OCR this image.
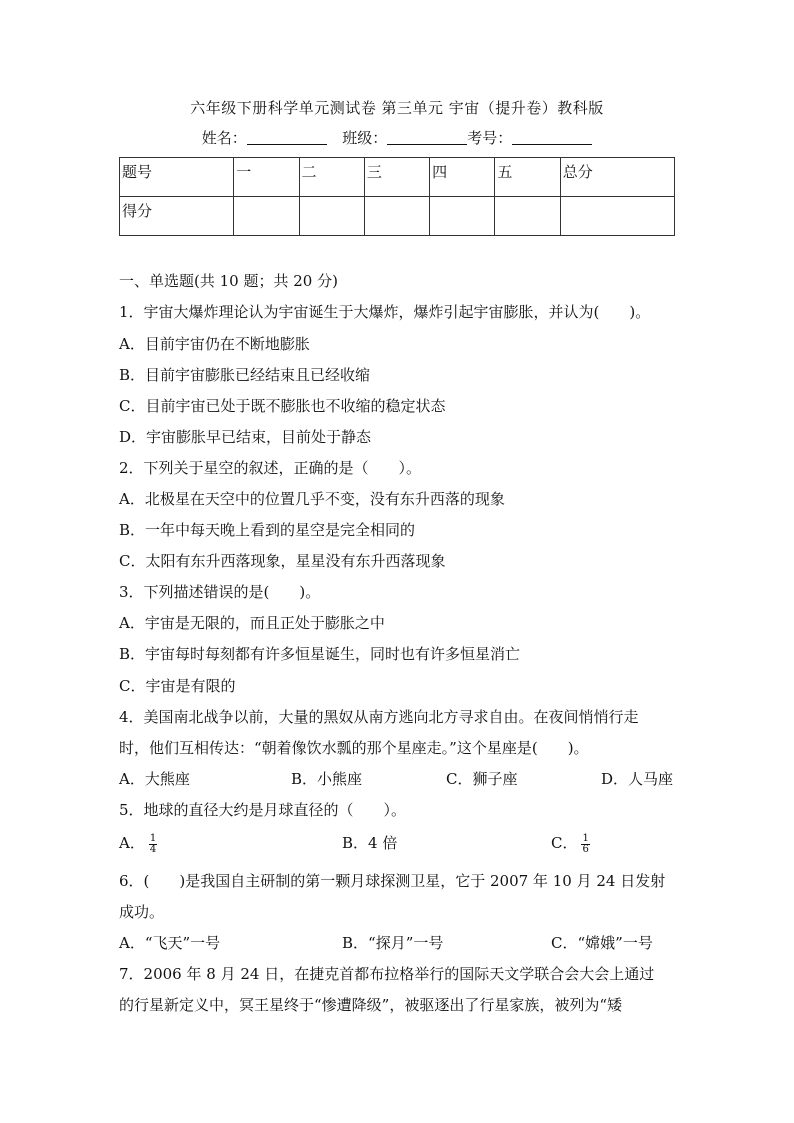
六年级下册科学单元测试卷 第三单元 宇宙（提升卷）教科版
姓名：	班级：	考号：
题号	一	二	三	四	五	总分
得分						
一、单选题(共 10 题；共 20 分)
1．宇宙大爆炸理论认为宇宙诞生于大爆炸，爆炸引起宇宙膨胀，并认为(　　)。
A．目前宇宙仍在不断地膨胀
B．目前宇宙膨胀已经结束且已经收缩
C．目前宇宙已处于既不膨胀也不收缩的稳定状态
D．宇宙膨胀早已结束，目前处于静态
2．下列关于星空的叙述，正确的是（　　）。
A．北极星在天空中的位置几乎不变，没有东升西落的现象
B．一年中每天晚上看到的星空是完全相同的
C．太阳有东升西落现象，星星没有东升西落现象
3．下列描述错误的是(　　)。
A．宇宙是无限的，而且正处于膨胀之中
B．宇宙每时每刻都有许多恒星诞生，同时也有许多恒星消亡
C．宇宙是有限的
4．美国南北战争以前，大量的黑奴从南方逃向北方寻求自由。在夜间悄悄行走
时，他们互相传达：“朝着像饮水瓢的那个星座走。”这个星座是(　　)。
A．大熊座	B．小熊座	C．狮子座	D．人马座
5．地球的直径大约是月球直径的（　　）。
A． $\frac{1}{4}$	B．4 倍	C． $\frac{1}{6}$
6．(　　)是我国自主研制的第一颗月球探测卫星，它于 2007 年 10 月 24 日发射
成功。
A．“飞天”一号	B．“探月”一号	C．“嫦娥”一号
7．2006 年 8 月 24 日，在捷克首都布拉格举行的国际天文学联合会大会上通过
的行星新定义中，冥王星终于“惨遭降级”，被驱逐出了行星家族，被列为“矮
